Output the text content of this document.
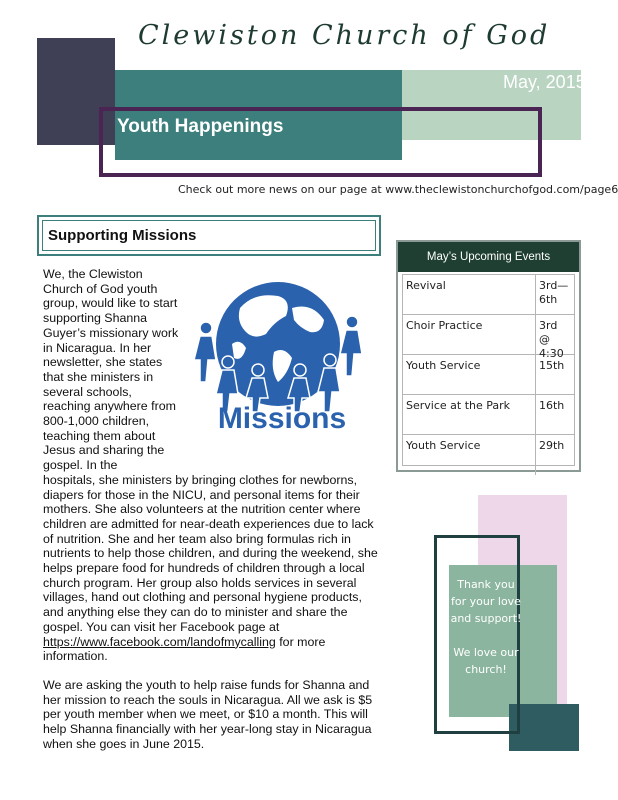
Clewiston Church of God
May, 2015
Youth Happenings
Check out more news on our page at www.theclewistonchurchofgod.com/page6
Supporting Missions
Missions
We, the Clewiston Church of God youth group, would like to start supporting Shanna Guyer’s missionary work in Nicaragua. In her newsletter, she states that she ministers in several schools, reaching anywhere from 800-1,000 children, teaching them about Jesus and sharing the gospel. In the
hospitals, she ministers by bringing clothes for newborns, diapers for those in the NICU, and personal items for their mothers. She also volunteers at the nutrition center where children are admitted for near-death experiences due to lack of nutrition. She and her team also bring formulas rich in nutrients to help those children, and during the weekend, she helps prepare food for hundreds of children through a local church program. Her group also holds services in several villages, hand out clothing and personal hygiene products, and anything else they can do to minister and share the gospel. You can visit her Facebook page at https://www.facebook.com/landofmycalling for more information.
We are asking the youth to help raise funds for Shanna and her mission to reach the souls in Nicaragua. All we ask is $5 per youth member when we meet, or $10 a month. This will help Shanna financially with her year-long stay in Nicaragua when she goes in June 2015.
May’s Upcoming Events
Revival	3rd—6th
Choir Practice	3rd @ 4:30
Youth Service	15th
Service at the Park	16th
Youth Service	29th
Thank you for your love and support!
We love our church!
